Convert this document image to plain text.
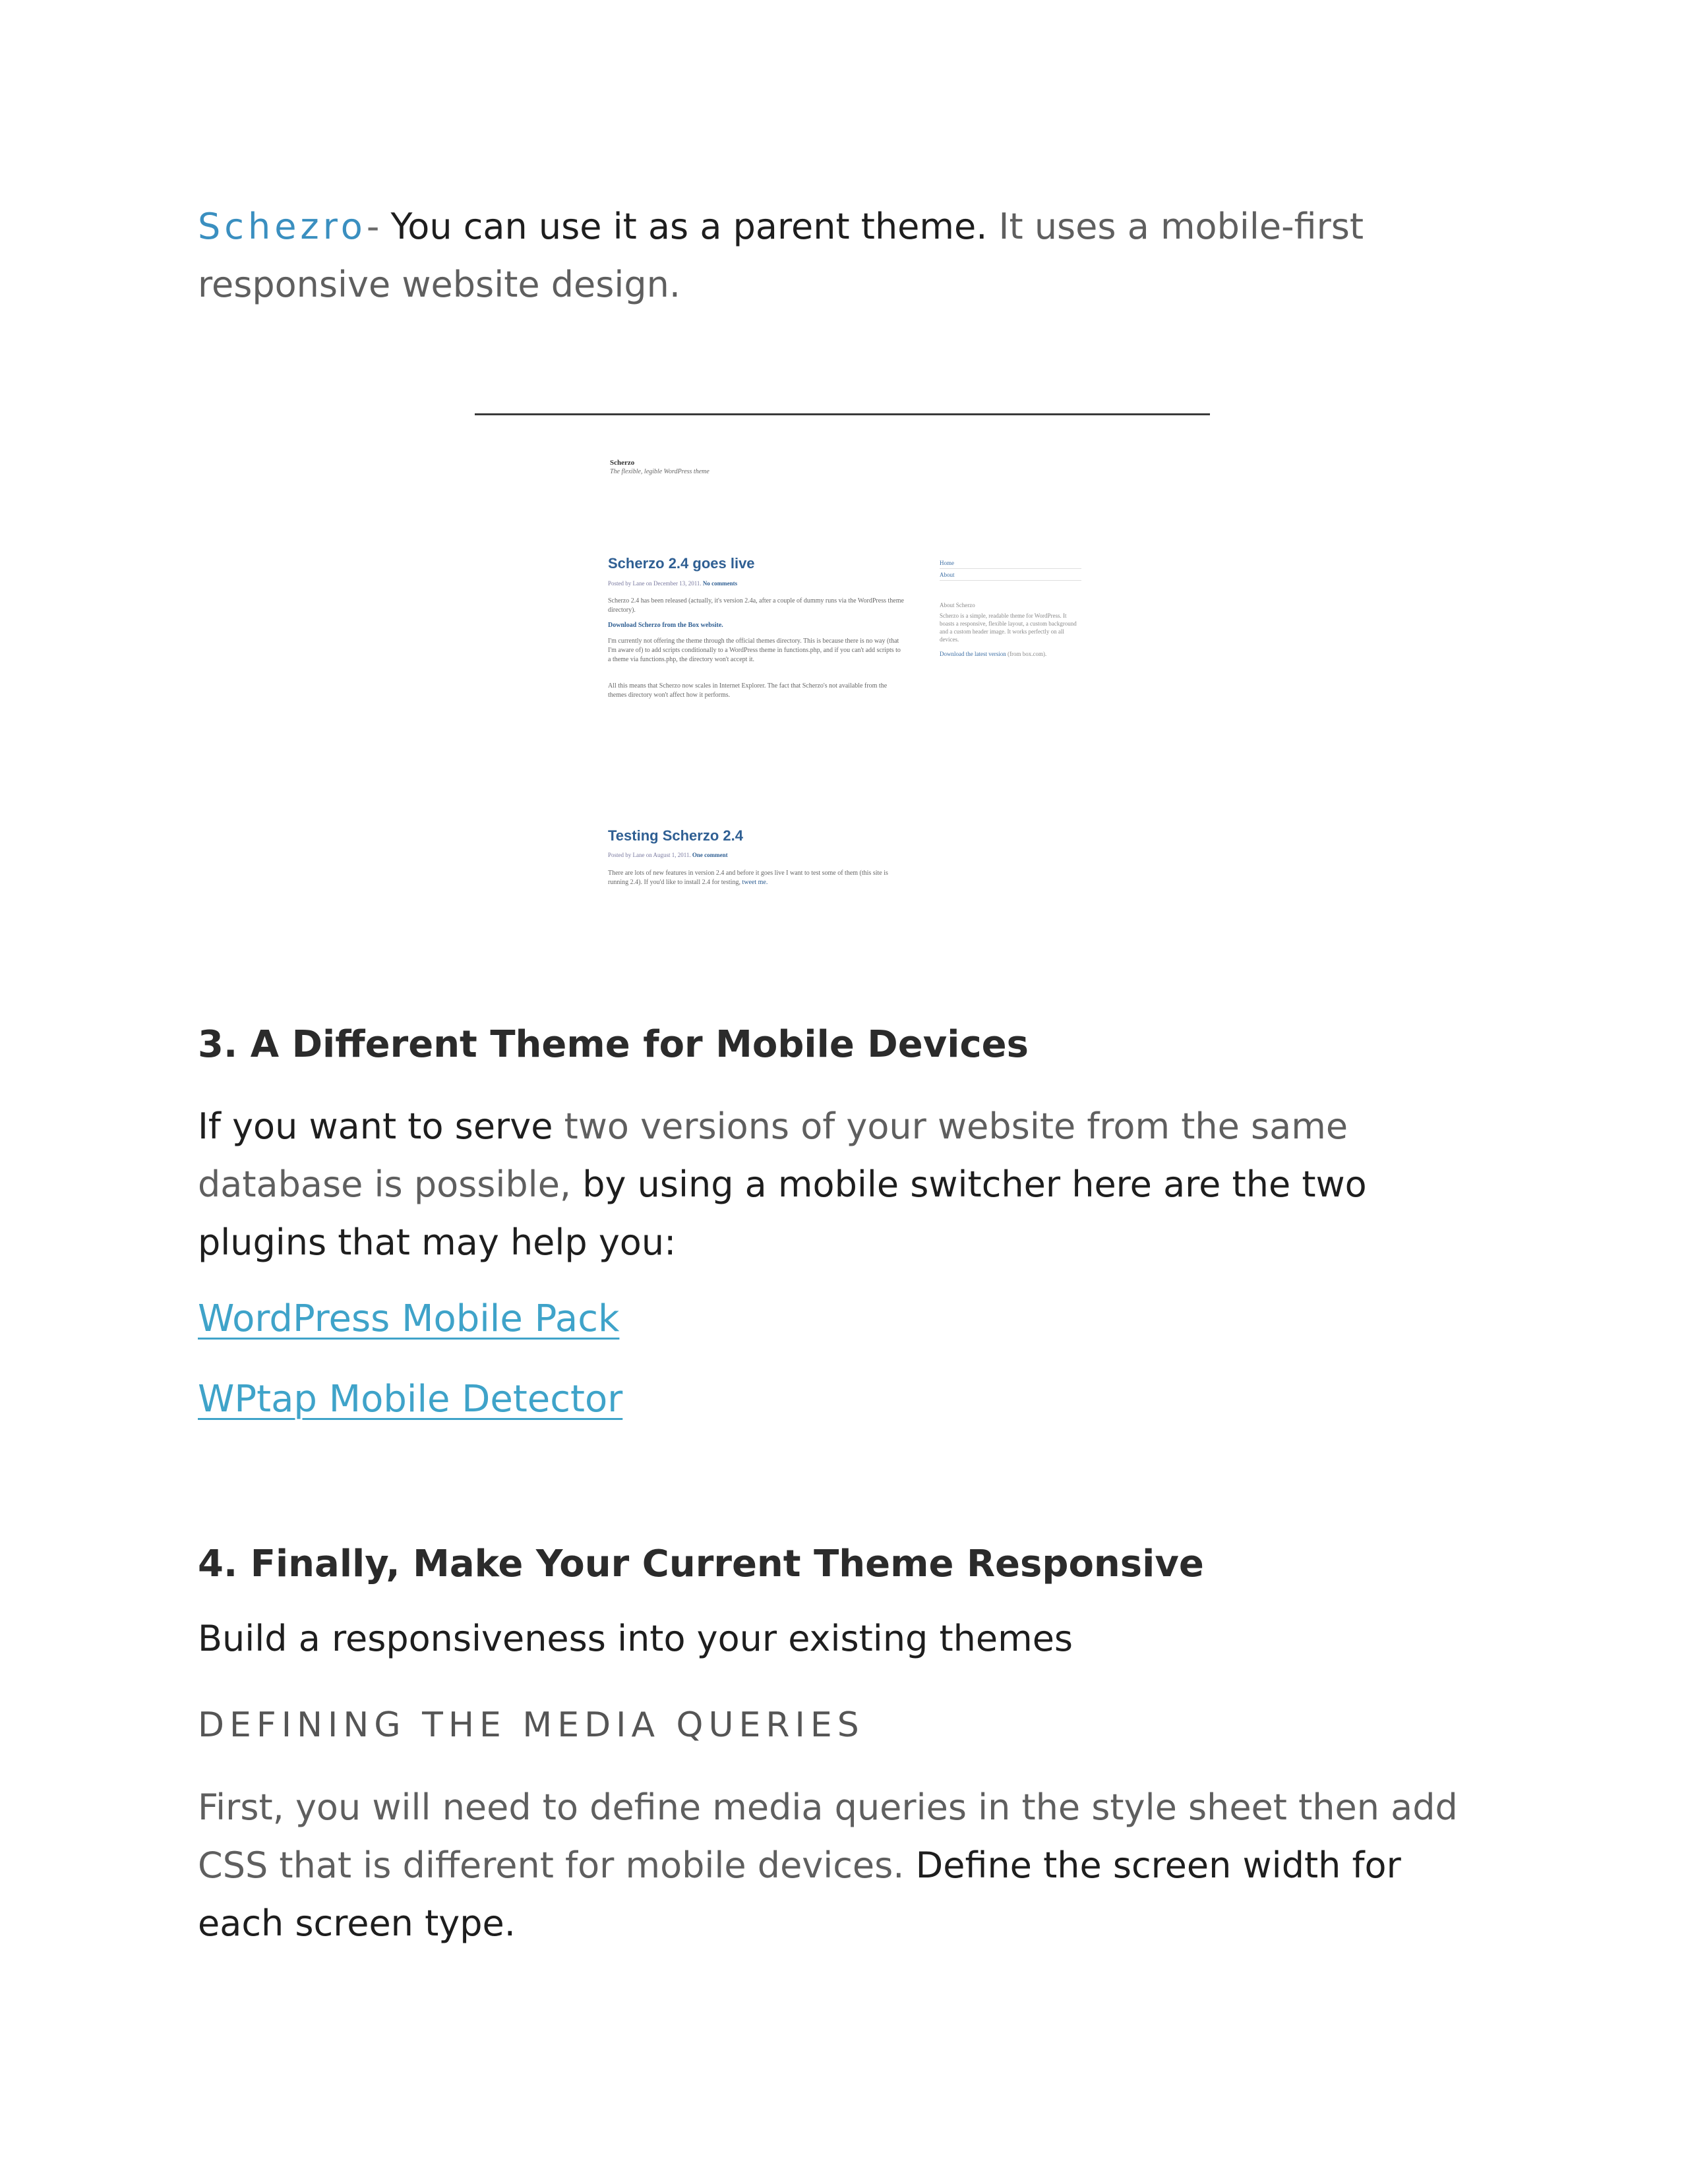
Schezro- You can use it as a parent theme. It uses a mobile-first
responsive website design.
Scherzo
The flexible, legible WordPress theme
Scherzo 2.4 goes live
Posted by Lane on December 13, 2011. No comments
Scherzo 2.4 has been released (actually, it's version 2.4a, after a couple of dummy runs via the WordPress theme directory).
Download Scherzo from the Box website.
I'm currently not offering the theme through the official themes directory. This is because there is no way (that I'm aware of) to add scripts conditionally to a WordPress theme in functions.php, and if you can't add scripts to a theme via functions.php, the directory won't accept it.
All this means that Scherzo now scales in Internet Explorer. The fact that Scherzo's not available from the themes directory won't affect how it performs.
Testing Scherzo 2.4
Posted by Lane on August 1, 2011. One comment
There are lots of new features in version 2.4 and before it goes live I want to test some of them (this site is running 2.4). If you'd like to install 2.4 for testing, tweet me.
Home
About
About Scherzo
Scherzo is a simple, readable theme for WordPress. It boasts a responsive, flexible layout, a custom background and a custom header image. It works perfectly on all devices.
Download the latest version (from box.com).
3. A Different Theme for Mobile Devices
If you want to serve two versions of your website from the same
database is possible, by using a mobile switcher here are the two
plugins that may help you:
WordPress Mobile Pack
WPtap Mobile Detector
4. Finally, Make Your Current Theme Responsive
Build a responsiveness into your existing themes
DEFINING THE MEDIA QUERIES
First, you will need to define media queries in the style sheet then add
CSS that is different for mobile devices. Define the screen width for
each screen type.
